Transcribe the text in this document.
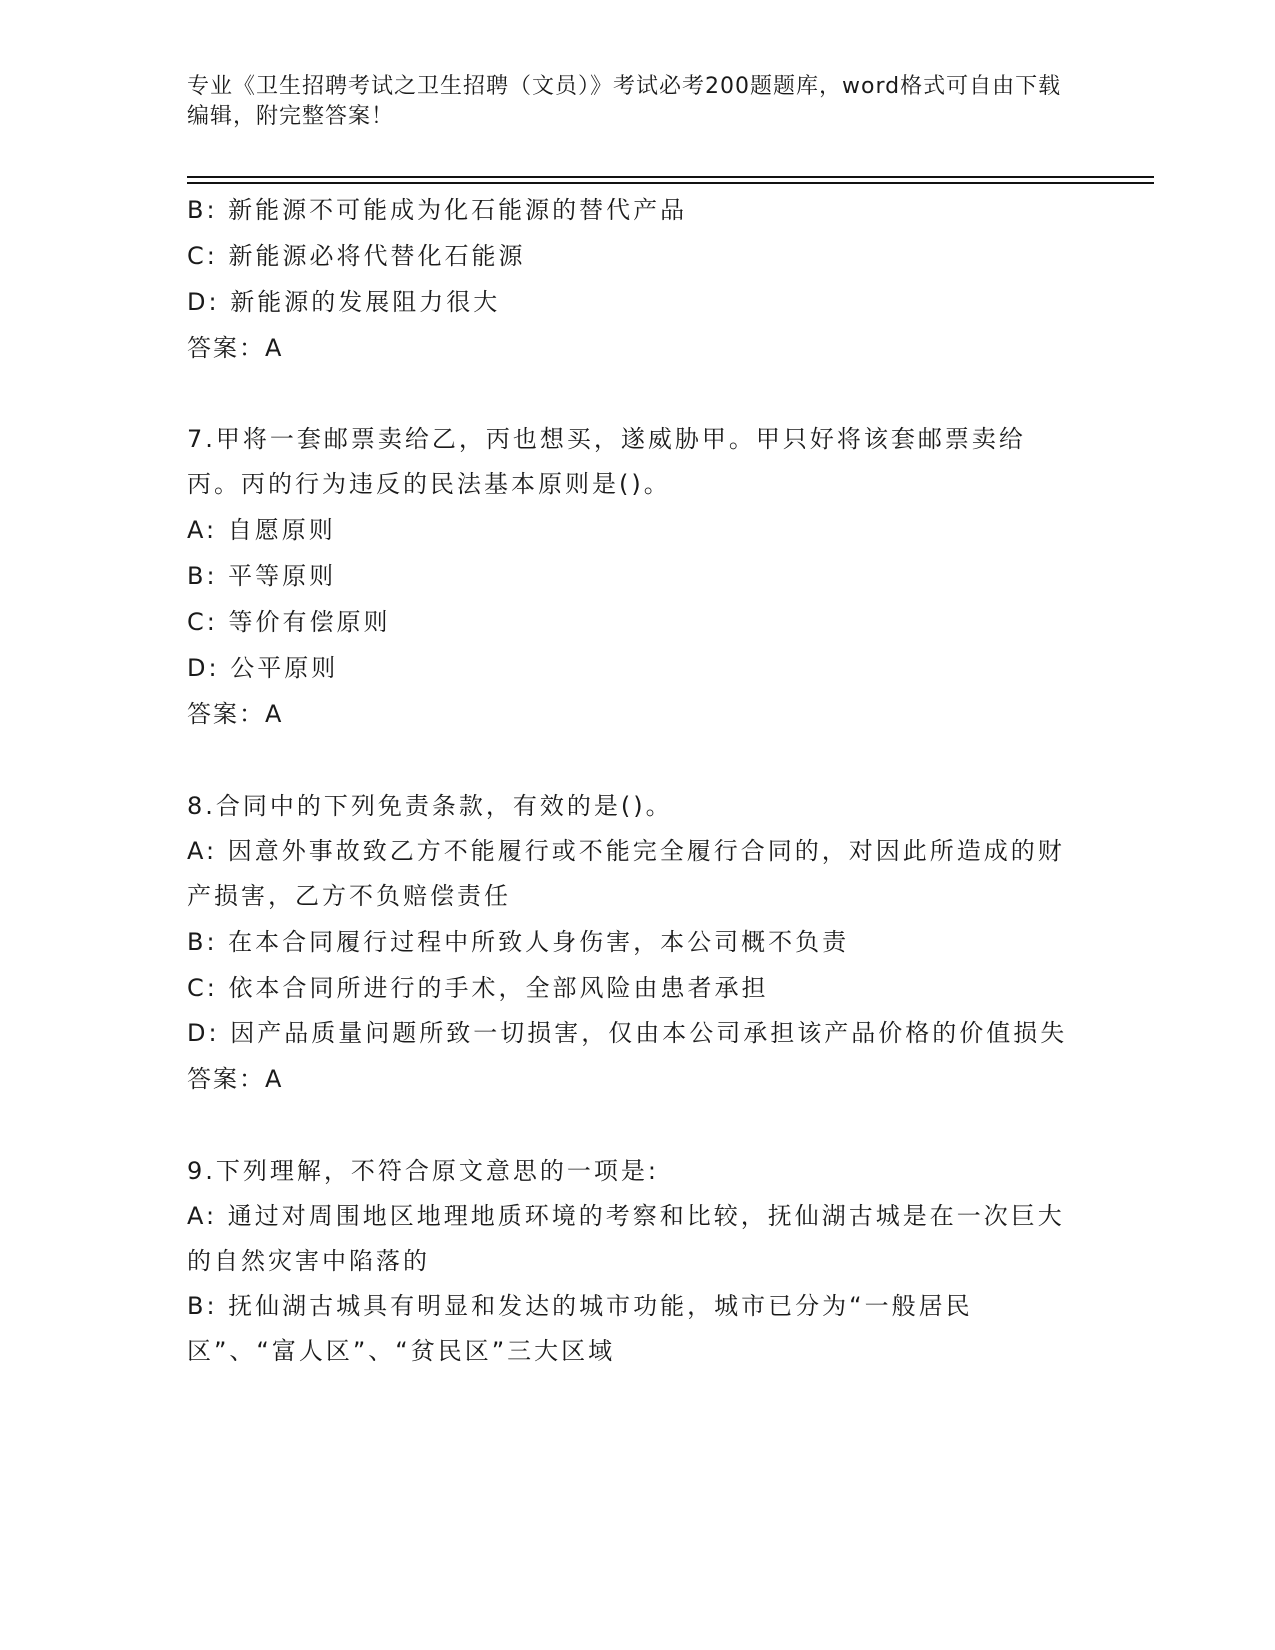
专业《卫生招聘考试之卫生招聘（文员）》考试必考200题题库，word格式可自由下载编辑，附完整答案！
B: 新能源不可能成为化石能源的替代产品
C: 新能源必将代替化石能源
D: 新能源的发展阻力很大
答案：A
7.甲将一套邮票卖给乙，丙也想买，遂威胁甲。甲只好将该套邮票卖给丙。丙的行为违反的民法基本原则是()。
A: 自愿原则
B: 平等原则
C: 等价有偿原则
D: 公平原则
答案：A
8.合同中的下列免责条款，有效的是()。
A: 因意外事故致乙方不能履行或不能完全履行合同的，对因此所造成的财产损害，乙方不负赔偿责任
B: 在本合同履行过程中所致人身伤害，本公司概不负责
C: 依本合同所进行的手术，全部风险由患者承担
D: 因产品质量问题所致一切损害，仅由本公司承担该产品价格的价值损失
答案：A
9.下列理解，不符合原文意思的一项是:
A: 通过对周围地区地理地质环境的考察和比较，抚仙湖古城是在一次巨大的自然灾害中陷落的
B: 抚仙湖古城具有明显和发达的城市功能，城市已分为“一般居民区”、“富人区”、“贫民区”三大区域
